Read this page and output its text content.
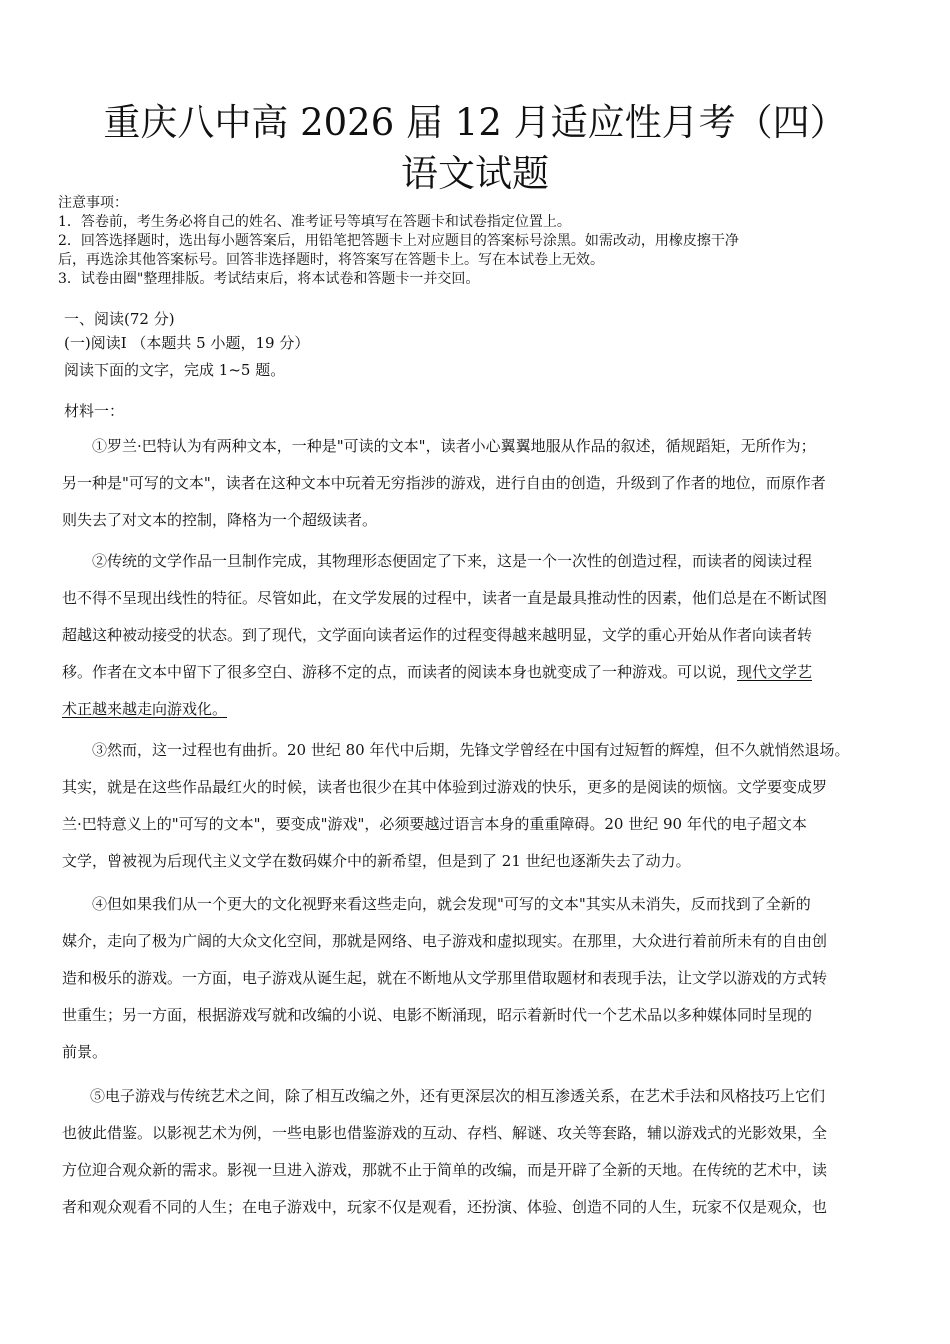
重庆八中高 2026 届 12 月适应性月考（四）
语文试题
注意事项：
1．答卷前，考生务必将自己的姓名、准考证号等填写在答题卡和试卷指定位置上。
2．回答选择题时，选出每小题答案后，用铅笔把答题卡上对应题目的答案标号涂黑。如需改动，用橡皮擦干净
后，再选涂其他答案标号。回答非选择题时，将答案写在答题卡上。写在本试卷上无效。
3．试卷由圈"整理排版。考试结束后，将本试卷和答题卡一并交回。
一、阅读(72 分)
(一)阅读Ⅰ （本题共 5 小题，19 分）
阅读下面的文字，完成 1~5 题。
材料一：
①罗兰·巴特认为有两种文本，一种是"可读的文本"，读者小心翼翼地服从作品的叙述，循规蹈矩，无所作为；
另一种是"可写的文本"，读者在这种文本中玩着无穷指涉的游戏，进行自由的创造，升级到了作者的地位，而原作者
则失去了对文本的控制，降格为一个超级读者。
②传统的文学作品一旦制作完成，其物理形态便固定了下来，这是一个一次性的创造过程，而读者的阅读过程
也不得不呈现出线性的特征。尽管如此，在文学发展的过程中，读者一直是最具推动性的因素，他们总是在不断试图
超越这种被动接受的状态。到了现代，文学面向读者运作的过程变得越来越明显，文学的重心开始从作者向读者转
移。作者在文本中留下了很多空白、游移不定的点，而读者的阅读本身也就变成了一种游戏。可以说，现代文学艺
术正越来越走向游戏化。
③然而，这一过程也有曲折。20 世纪 80 年代中后期，先锋文学曾经在中国有过短暂的辉煌，但不久就悄然退场。
其实，就是在这些作品最红火的时候，读者也很少在其中体验到过游戏的快乐，更多的是阅读的烦恼。文学要变成罗
兰·巴特意义上的"可写的文本"，要变成"游戏"，必须要越过语言本身的重重障碍。20 世纪 90 年代的电子超文本
文学，曾被视为后现代主义文学在数码媒介中的新希望，但是到了 21 世纪也逐渐失去了动力。
④但如果我们从一个更大的文化视野来看这些走向，就会发现"可写的文本"其实从未消失，反而找到了全新的
媒介，走向了极为广阔的大众文化空间，那就是网络、电子游戏和虚拟现实。在那里，大众进行着前所未有的自由创
造和极乐的游戏。一方面，电子游戏从诞生起，就在不断地从文学那里借取题材和表现手法，让文学以游戏的方式转
世重生；另一方面，根据游戏写就和改编的小说、电影不断涌现，昭示着新时代一个艺术品以多种媒体同时呈现的
前景。
⑤电子游戏与传统艺术之间，除了相互改编之外，还有更深层次的相互渗透关系，在艺术手法和风格技巧上它们
也彼此借鉴。以影视艺术为例，一些电影也借鉴游戏的互动、存档、解谜、攻关等套路，辅以游戏式的光影效果，全
方位迎合观众新的需求。影视一旦进入游戏，那就不止于简单的改编，而是开辟了全新的天地。在传统的艺术中，读
者和观众观看不同的人生；在电子游戏中，玩家不仅是观看，还扮演、体验、创造不同的人生，玩家不仅是观众，也
